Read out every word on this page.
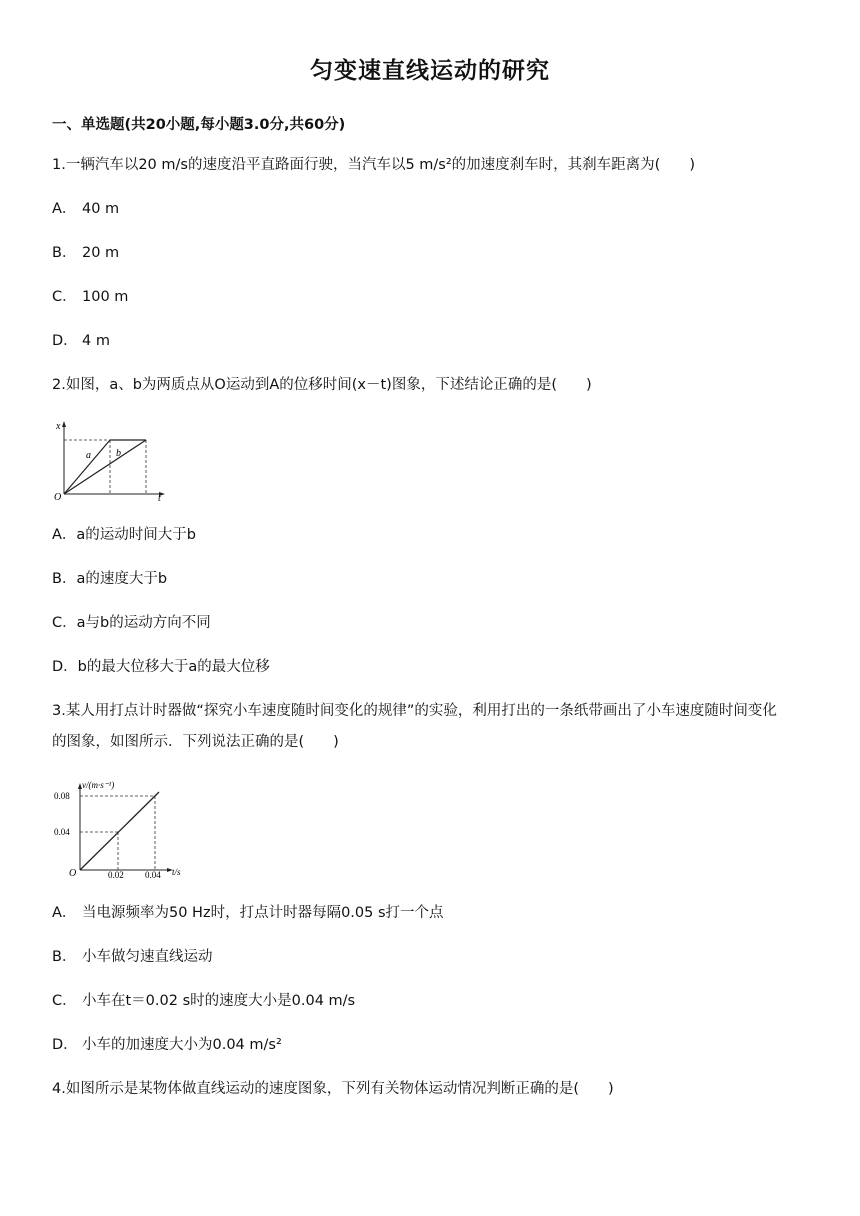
匀变速直线运动的研究
一、单选题(共20小题,每小题3.0分,共60分)
1.一辆汽车以20 m/s的速度沿平直路面行驶，当汽车以5 m/s²的加速度刹车时，其刹车距离为(　　)
A． 40 m
B． 20 m
C． 100 m
D． 4 m
2.如图，a、b为两质点从O运动到A的位移时间(x－t)图象，下述结论正确的是(　　)
x
t
O
a	b
A．a的运动时间大于b
B．a的速度大于b
C．a与b的运动方向不同
D．b的最大位移大于a的最大位移
3.某人用打点计时器做“探究小车速度随时间变化的规律”的实验，利用打出的一条纸带画出了小车速度随时间变化
的图象，如图所示．下列说法正确的是(　　)
v/(m·s⁻¹)
0.08
0.04
O	0.02 0.04 t/s
A． 当电源频率为50 Hz时，打点计时器每隔0.05 s打一个点
B． 小车做匀速直线运动
C． 小车在t＝0.02 s时的速度大小是0.04 m/s
D． 小车的加速度大小为0.04 m/s²
4.如图所示是某物体做直线运动的速度图象，下列有关物体运动情况判断正确的是(　　)
